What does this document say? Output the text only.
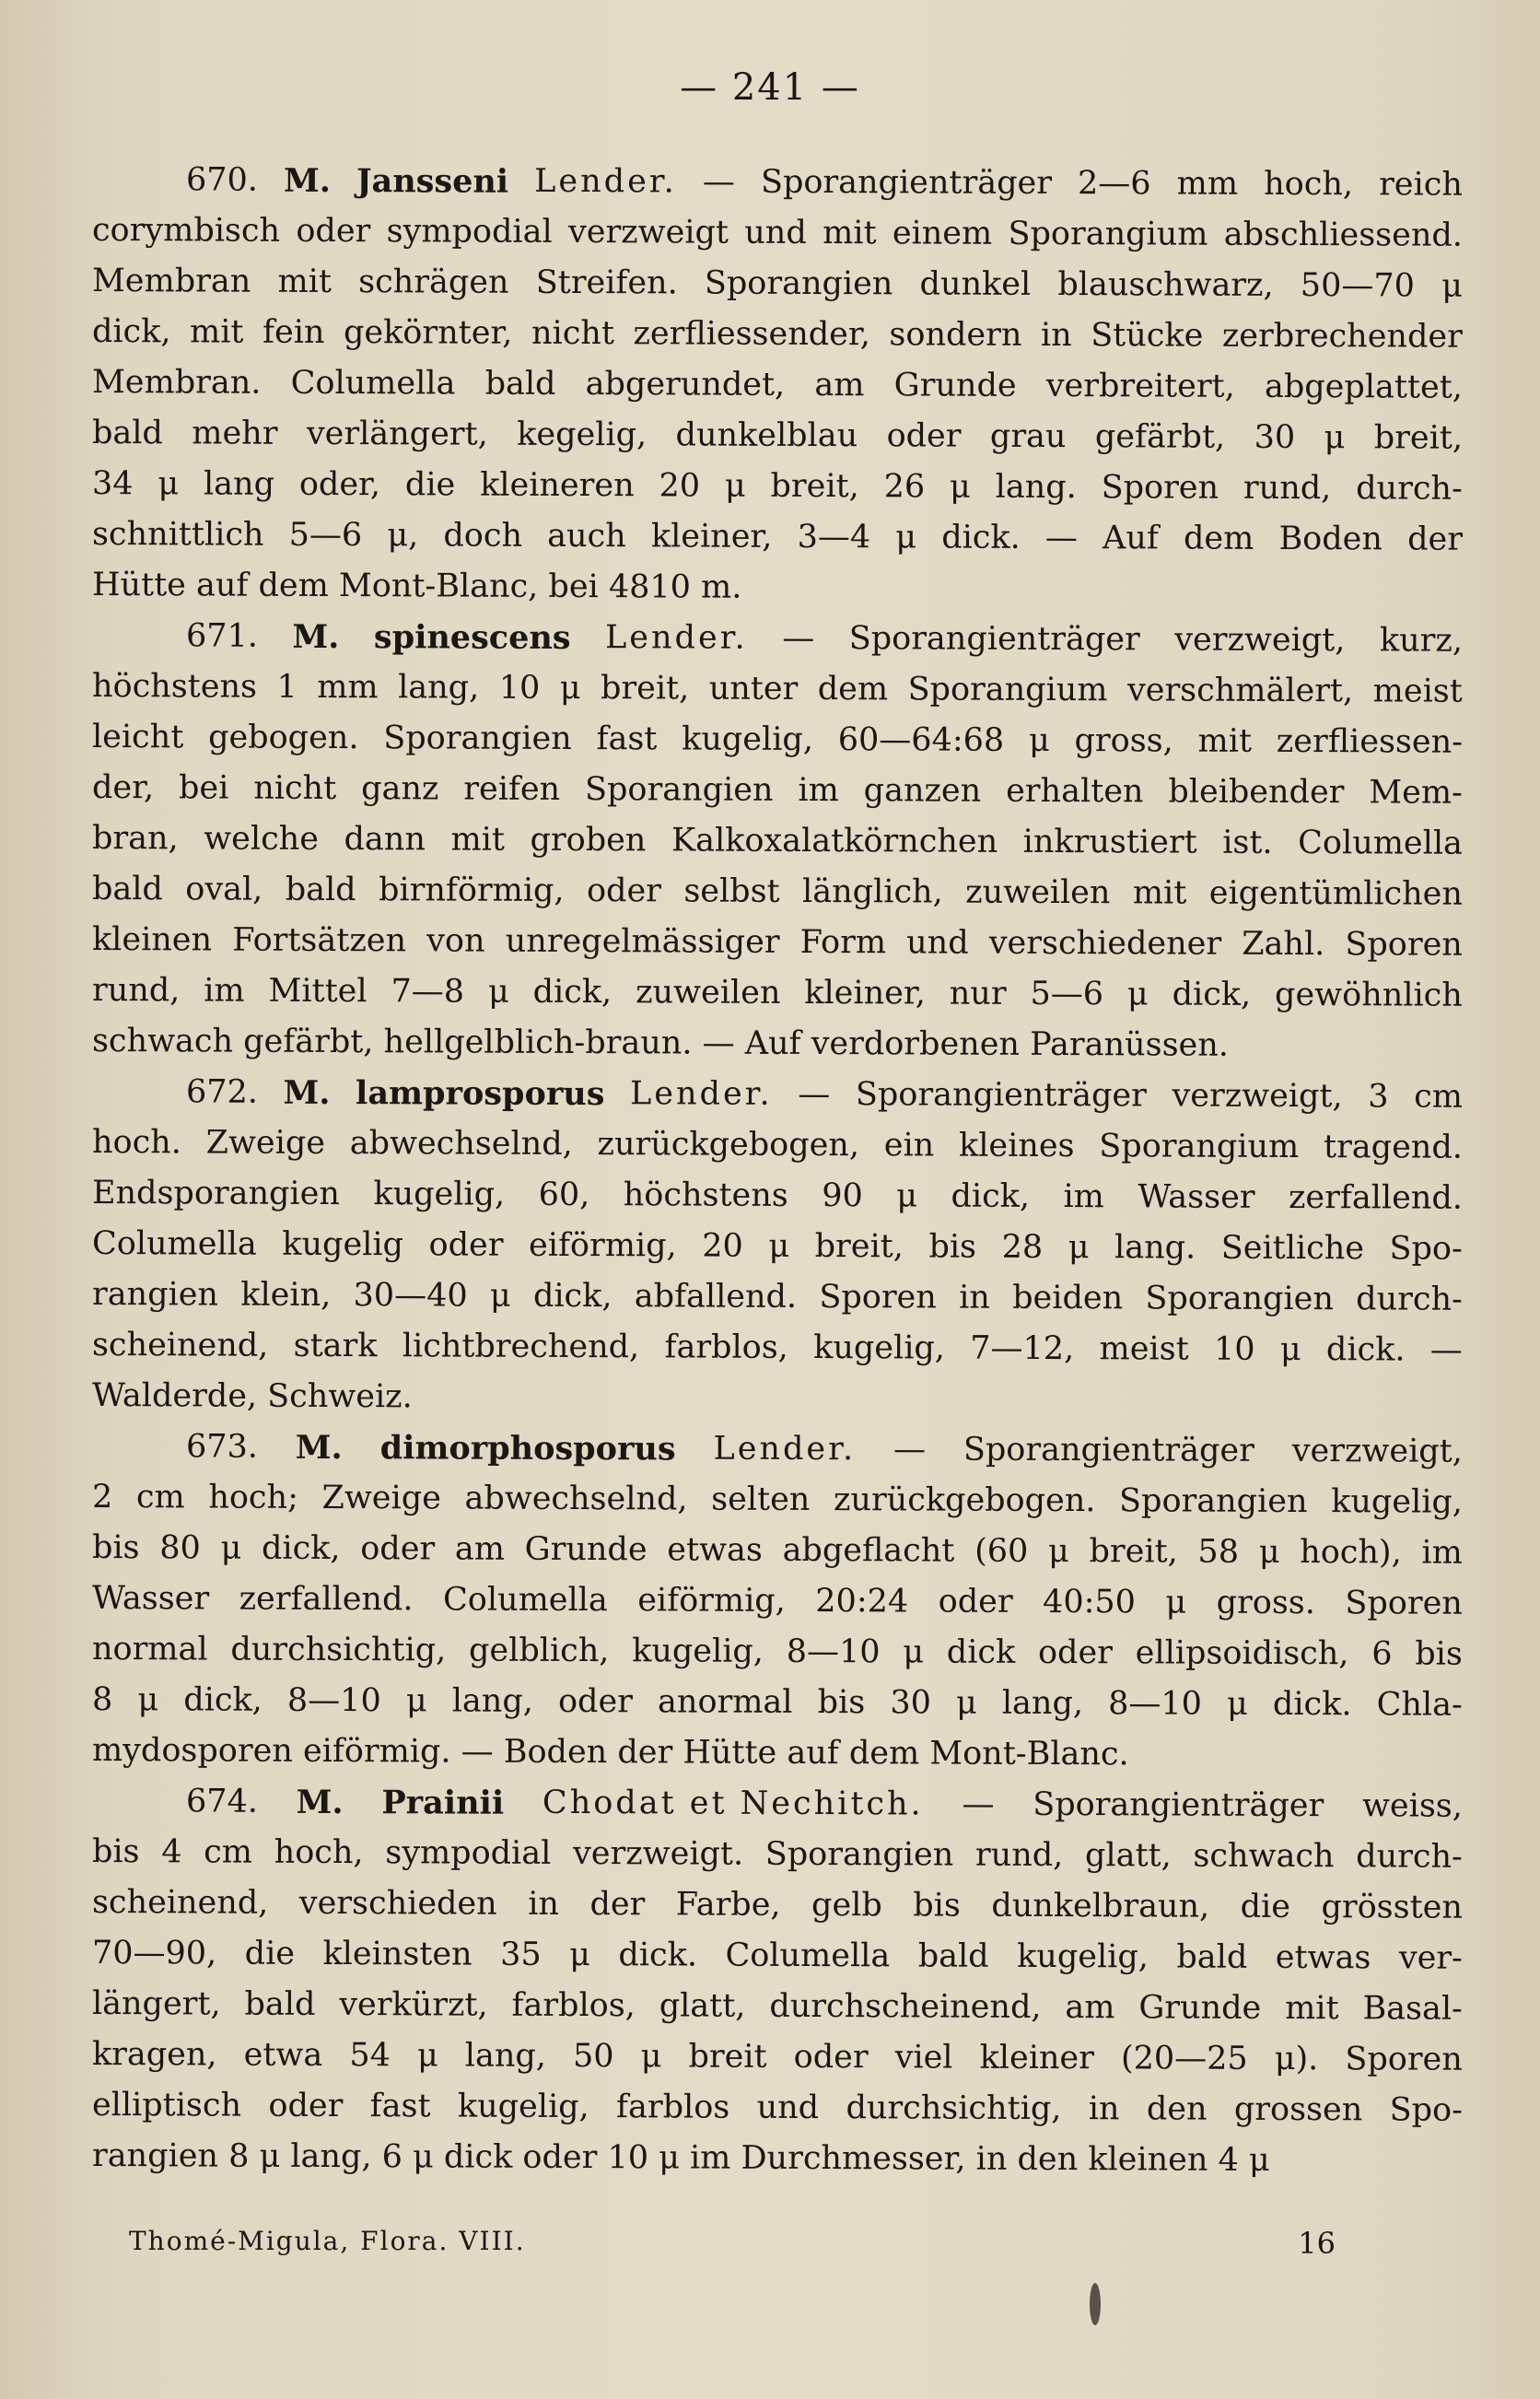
— 241 —
670. M. Jansseni Lender. — Sporangienträger 2—6 mm hoch, reich
corymbisch oder sympodial verzweigt und mit einem Sporangium abschliessend.
Membran mit schrägen Streifen. Sporangien dunkel blauschwarz, 50—70 μ
dick, mit fein gekörnter, nicht zerfliessender, sondern in Stücke zerbrechender
Membran. Columella bald abgerundet, am Grunde verbreitert, abgeplattet,
bald mehr verlängert, kegelig, dunkelblau oder grau gefärbt, 30 μ breit,
34 μ lang oder, die kleineren 20 μ breit, 26 μ lang. Sporen rund, durch-
schnittlich 5—6 μ, doch auch kleiner, 3—4 μ dick. — Auf dem Boden der
Hütte auf dem Mont-Blanc, bei 4810 m.
671. M. spinescens Lender. — Sporangienträger verzweigt, kurz,
höchstens 1 mm lang, 10 μ breit, unter dem Sporangium verschmälert, meist
leicht gebogen. Sporangien fast kugelig, 60—64:68 μ gross, mit zerfliessen-
der, bei nicht ganz reifen Sporangien im ganzen erhalten bleibender Mem-
bran, welche dann mit groben Kalkoxalatkörnchen inkrustiert ist. Columella
bald oval, bald birnförmig, oder selbst länglich, zuweilen mit eigentümlichen
kleinen Fortsätzen von unregelmässiger Form und verschiedener Zahl. Sporen
rund, im Mittel 7—8 μ dick, zuweilen kleiner, nur 5—6 μ dick, gewöhnlich
schwach gefärbt, hellgelblich-braun. — Auf verdorbenen Paranüssen.
672. M. lamprosporus Lender. — Sporangienträger verzweigt, 3 cm
hoch. Zweige abwechselnd, zurückgebogen, ein kleines Sporangium tragend.
Endsporangien kugelig, 60, höchstens 90 μ dick, im Wasser zerfallend.
Columella kugelig oder eiförmig, 20 μ breit, bis 28 μ lang. Seitliche Spo-
rangien klein, 30—40 μ dick, abfallend. Sporen in beiden Sporangien durch-
scheinend, stark lichtbrechend, farblos, kugelig, 7—12, meist 10 μ dick. —
Walderde, Schweiz.
673. M. dimorphosporus Lender. — Sporangienträger verzweigt,
2 cm hoch; Zweige abwechselnd, selten zurückgebogen. Sporangien kugelig,
bis 80 μ dick, oder am Grunde etwas abgeflacht (60 μ breit, 58 μ hoch), im
Wasser zerfallend. Columella eiförmig, 20:24 oder 40:50 μ gross. Sporen
normal durchsichtig, gelblich, kugelig, 8—10 μ dick oder ellipsoidisch, 6 bis
8 μ dick, 8—10 μ lang, oder anormal bis 30 μ lang, 8—10 μ dick. Chla-
mydosporen eiförmig. — Boden der Hütte auf dem Mont-Blanc.
674. M. Prainii Chodat et Nechitch. — Sporangienträger weiss,
bis 4 cm hoch, sympodial verzweigt. Sporangien rund, glatt, schwach durch-
scheinend, verschieden in der Farbe, gelb bis dunkelbraun, die grössten
70—90, die kleinsten 35 μ dick. Columella bald kugelig, bald etwas ver-
längert, bald verkürzt, farblos, glatt, durchscheinend, am Grunde mit Basal-
kragen, etwa 54 μ lang, 50 μ breit oder viel kleiner (20—25 μ). Sporen
elliptisch oder fast kugelig, farblos und durchsichtig, in den grossen Spo-
rangien 8 μ lang, 6 μ dick oder 10 μ im Durchmesser, in den kleinen 4 μ
Thomé-Migula, Flora. VIII.	16
